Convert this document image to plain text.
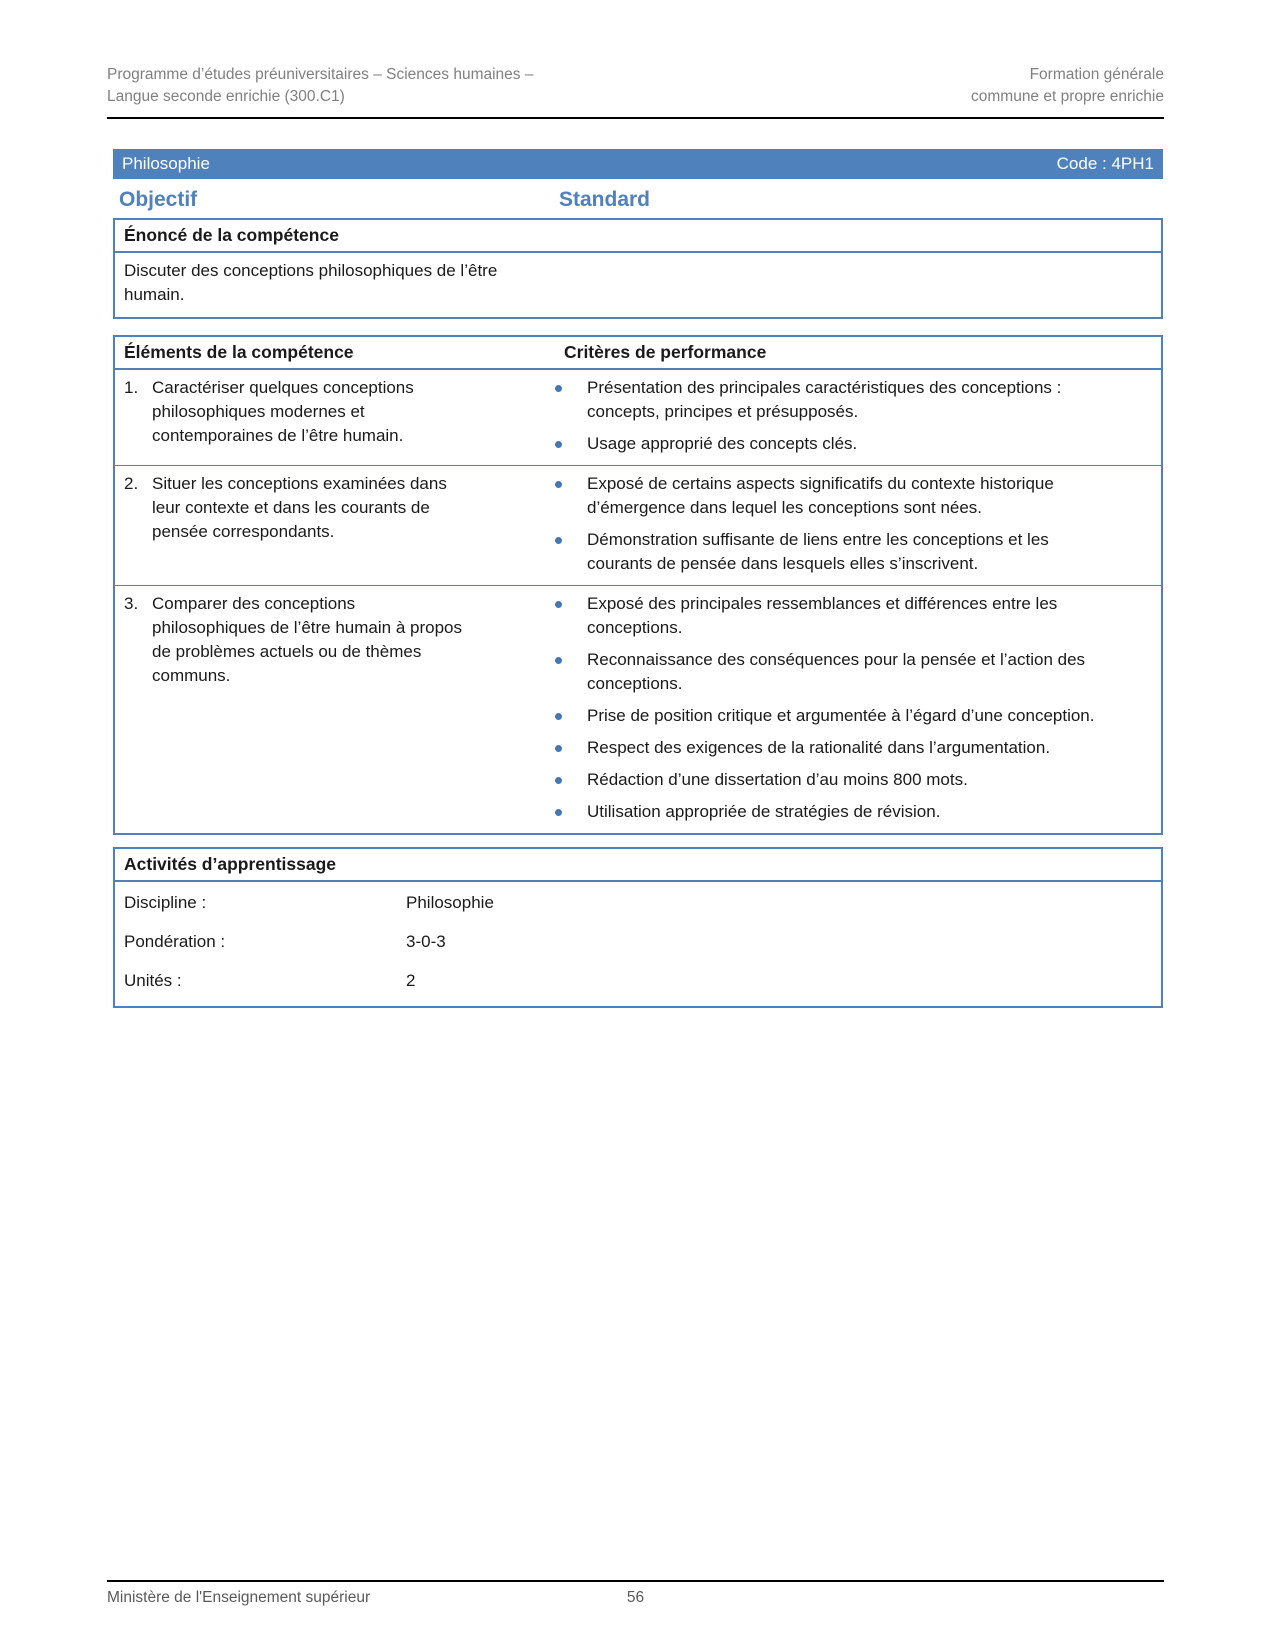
Programme d’études préuniversitaires – Sciences humaines –
Langue seconde enrichie (300.C1)
Formation générale
commune et propre enrichie
Philosophie	Code : 4PH1
Objectif	Standard
Énoncé de la compétence

Discuter des conceptions philosophiques de l’être humain.

Éléments de la compétence	Critères de performance
1. Caractériser quelques conceptions philosophiques modernes et contemporaines de l’être humain.
Présentation des principales caractéristiques des conceptions : concepts, principes et présupposés.
Usage approprié des concepts clés.
2. Situer les conceptions examinées dans leur contexte et dans les courants de pensée correspondants.
Exposé de certains aspects significatifs du contexte historique d’émergence dans lequel les conceptions sont nées.
Démonstration suffisante de liens entre les conceptions et les courants de pensée dans lesquels elles s’inscrivent.
3. Comparer des conceptions philosophiques de l’être humain à propos de problèmes actuels ou de thèmes communs.
Exposé des principales ressemblances et différences entre les conceptions.
Reconnaissance des conséquences pour la pensée et l’action des conceptions.
Prise de position critique et argumentée à l’égard d’une conception.
Respect des exigences de la rationalité dans l’argumentation.
Rédaction d’une dissertation d’au moins 800 mots.
Utilisation appropriée de stratégies de révision.
Activités d’apprentissage
Discipline :	Philosophie
Pondération :	3-0-3
Unités :	2
Ministère de l'Enseignement supérieur	56
